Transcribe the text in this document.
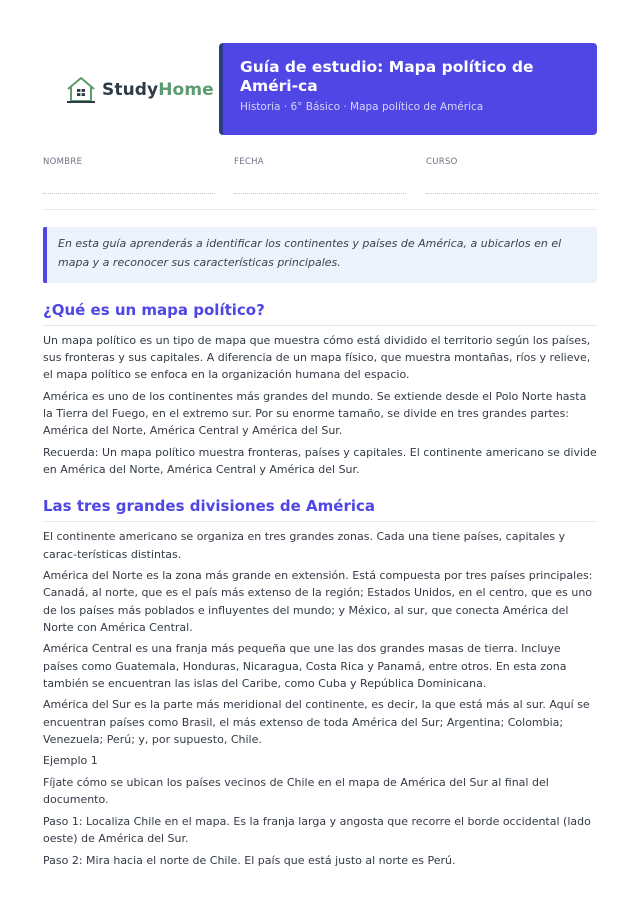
StudyHome
Guía de estudio: Mapa político de Améri-ca
Historia · 6° Básico · Mapa político de América
NOMBRE	FECHA	CURSO
En esta guía aprenderás a identificar los continentes y países de América, a ubicarlos en el mapa y a reconocer sus características principales.
¿Qué es un mapa político?

Un mapa político es un tipo de mapa que muestra cómo está dividido el territorio según los países, sus fronteras y sus capitales. A diferencia de un mapa físico, que muestra montañas, ríos y relieve, el mapa político se enfoca en la organización humana del espacio.

América es uno de los continentes más grandes del mundo. Se extiende desde el Polo Norte hasta la Tierra del Fuego, en el extremo sur. Por su enorme tamaño, se divide en tres grandes partes: América del Norte, América Central y América del Sur.

Recuerda: Un mapa político muestra fronteras, países y capitales. El continente americano se divide en América del Norte, América Central y América del Sur.

Las tres grandes divisiones de América

El continente americano se organiza en tres grandes zonas. Cada una tiene países, capitales y carac-terísticas distintas.

América del Norte es la zona más grande en extensión. Está compuesta por tres países principales: Canadá, al norte, que es el país más extenso de la región; Estados Unidos, en el centro, que es uno de los países más poblados e influyentes del mundo; y México, al sur, que conecta América del Norte con América Central.

América Central es una franja más pequeña que une las dos grandes masas de tierra. Incluye países como Guatemala, Honduras, Nicaragua, Costa Rica y Panamá, entre otros. En esta zona también se encuentran las islas del Caribe, como Cuba y República Dominicana.

América del Sur es la parte más meridional del continente, es decir, la que está más al sur. Aquí se encuentran países como Brasil, el más extenso de toda América del Sur; Argentina; Colombia; Venezuela; Perú; y, por supuesto, Chile.

Ejemplo 1

Fíjate cómo se ubican los países vecinos de Chile en el mapa de América del Sur al final del documento.

Paso 1: Localiza Chile en el mapa. Es la franja larga y angosta que recorre el borde occidental (lado oeste) de América del Sur.

Paso 2: Mira hacia el norte de Chile. El país que está justo al norte es Perú.
